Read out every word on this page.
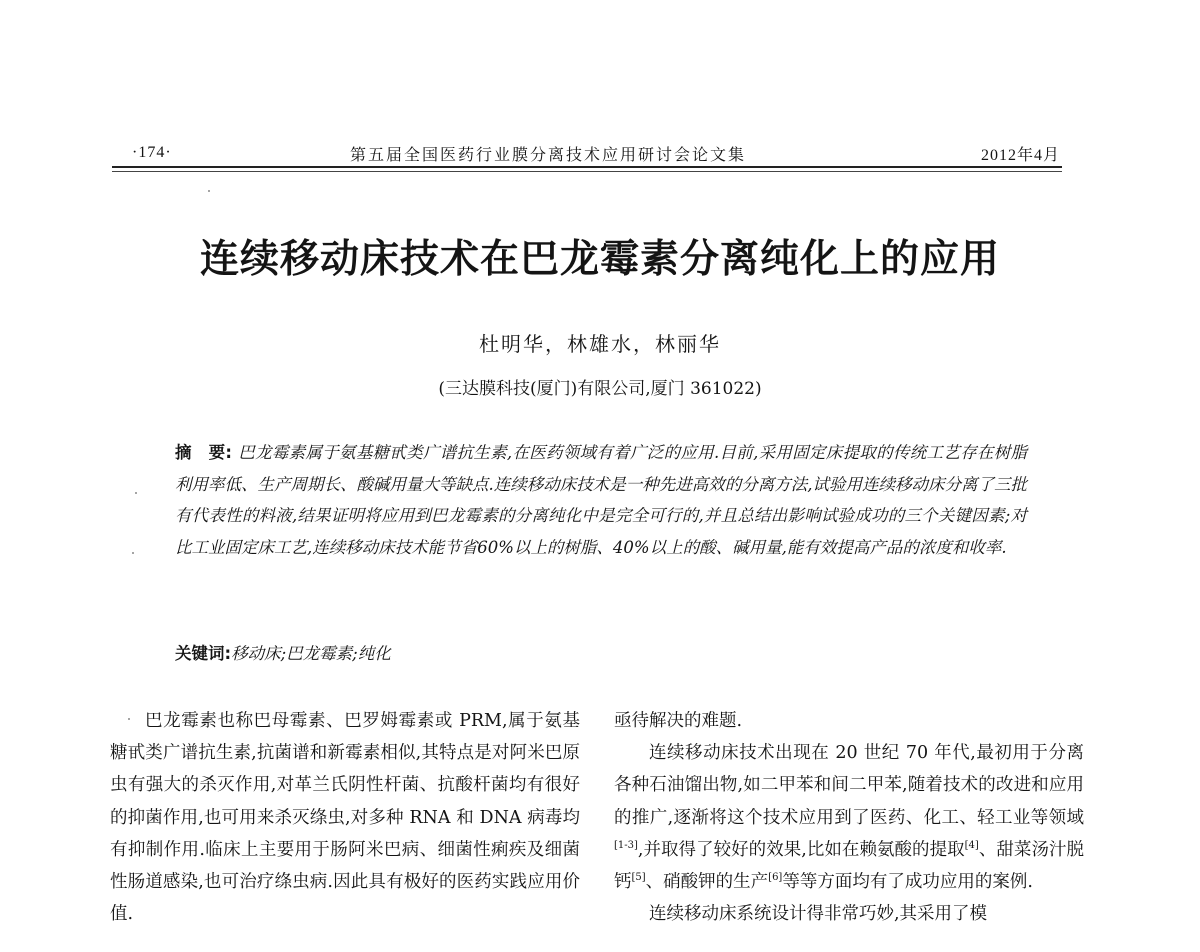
·174·	第五届全国医药行业膜分离技术应用研讨会论文集	2012年4月
连续移动床技术在巴龙霉素分离纯化上的应用
杜明华，林雄水，林丽华
(三达膜科技(厦门)有限公司,厦门 361022)
摘　要: 巴龙霉素属于氨基糖甙类广谱抗生素,在医药领域有着广泛的应用.目前,采用固定床提取的传统工艺存在树脂利用率低、生产周期长、酸碱用量大等缺点.连续移动床技术是一种先进高效的分离方法,试验用连续移动床分离了三批有代表性的料液,结果证明将应用到巴龙霉素的分离纯化中是完全可行的,并且总结出影响试验成功的三个关键因素;对比工业固定床工艺,连续移动床技术能节省60%以上的树脂、40%以上的酸、碱用量,能有效提高产品的浓度和收率.
关键词:移动床;巴龙霉素;纯化

巴龙霉素也称巴母霉素、巴罗姆霉素或 PRM,属于氨基糖甙类广谱抗生素,抗菌谱和新霉素相似,其特点是对阿米巴原虫有强大的杀灭作用,对革兰氏阴性杆菌、抗酸杆菌均有很好的抑菌作用,也可用来杀灭绦虫,对多种 RNA 和 DNA 病毒均有抑制作用.临床上主要用于肠阿米巴病、细菌性痢疾及细菌性肠道感染,也可治疗绦虫病.因此具有极好的医药实践应用价值.

亟待解决的难题.

连续移动床技术出现在 20 世纪 70 年代,最初用于分离各种石油馏出物,如二甲苯和间二甲苯,随着技术的改进和应用的推广,逐渐将这个技术应用到了医药、化工、轻工业等领域[1-3],并取得了较好的效果,比如在赖氨酸的提取[4]、甜菜汤汁脱钙[5]、硝酸钾的生产[6]等等方面均有了成功应用的案例.

连续移动床系统设计得非常巧妙,其采用了模
